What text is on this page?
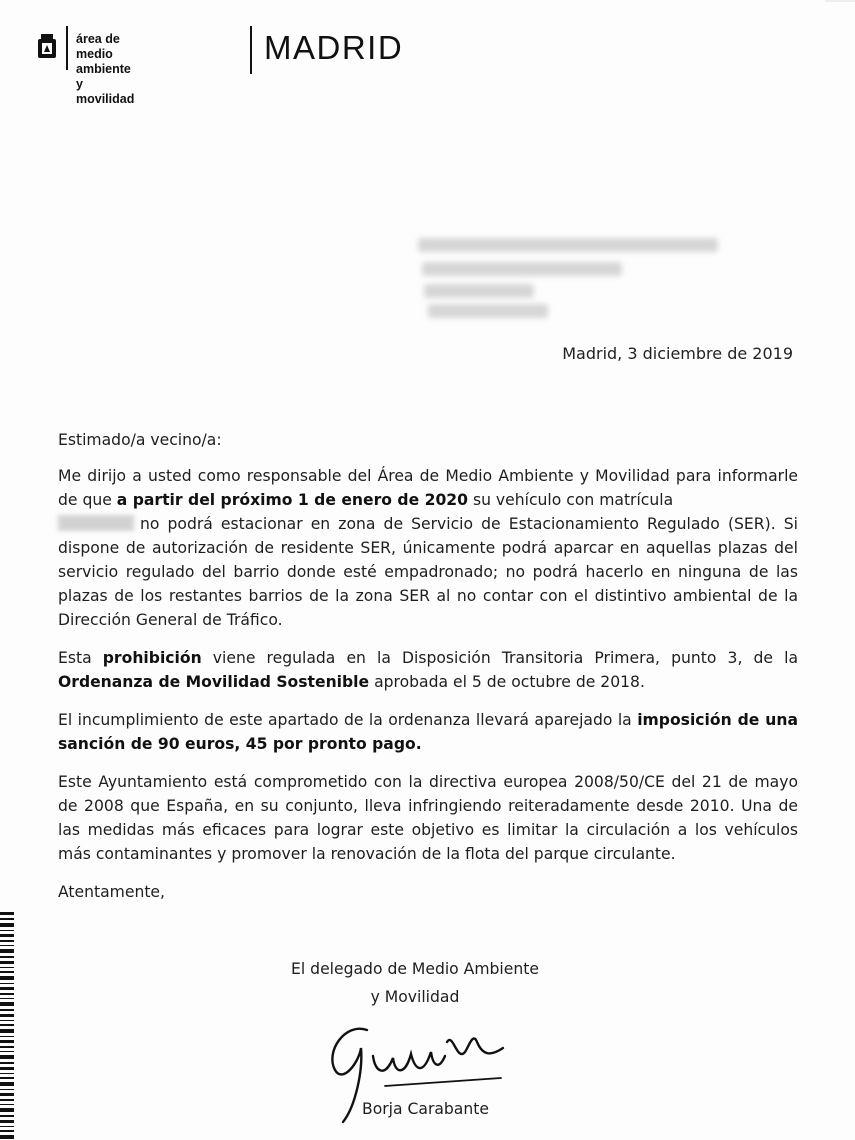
área de medio ambiente
y movilidad
MADRID
Madrid, 3 diciembre de 2019

Estimado/a vecino/a:

Me dirijo a usted como responsable del Área de Medio Ambiente y Movilidad para informarle de que a partir del próximo 1 de enero de 2020 su vehículo con matrícula
no podrá estacionar en zona de Servicio de Estacionamiento Regulado (SER). Si dispone de autorización de residente SER, únicamente podrá aparcar en aquellas plazas del servicio regulado del barrio donde esté empadronado; no podrá hacerlo en ninguna de las plazas de los restantes barrios de la zona SER al no contar con el distintivo ambiental de la Dirección General de Tráfico.

Esta prohibición viene regulada en la Disposición Transitoria Primera, punto 3, de la Ordenanza de Movilidad Sostenible aprobada el 5 de octubre de 2018.

El incumplimiento de este apartado de la ordenanza llevará aparejado la imposición de una sanción de 90 euros, 45 por pronto pago.

Este Ayuntamiento está comprometido con la directiva europea 2008/50/CE del 21 de mayo de 2008 que España, en su conjunto, lleva infringiendo reiteradamente desde 2010. Una de las medidas más eficaces para lograr este objetivo es limitar la circulación a los vehículos más contaminantes y promover la renovación de la flota del parque circulante.

Atentamente,

El delegado de Medio Ambiente
y Movilidad
Borja Carabante
